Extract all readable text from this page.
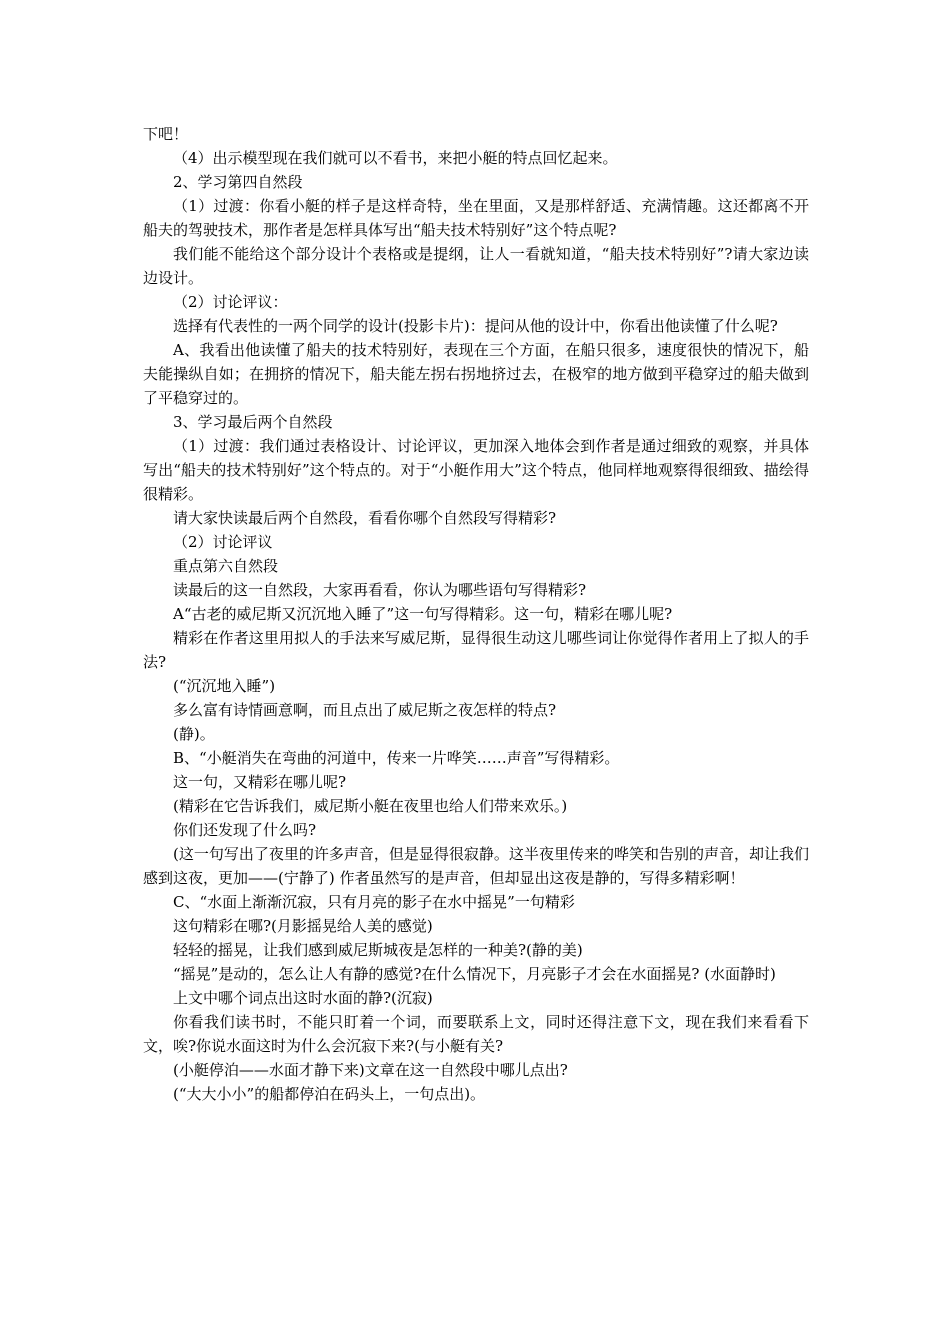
下吧！

（4）出示模型现在我们就可以不看书，来把小艇的特点回忆起来。

2、学习第四自然段

（1）过渡：你看小艇的样子是这样奇特，坐在里面，又是那样舒适、充满情趣。这还都离不开船夫的驾驶技术，那作者是怎样具体写出“船夫技术特别好”这个特点呢?

我们能不能给这个部分设计个表格或是提纲，让人一看就知道，“船夫技术特别好”?请大家边读边设计。

（2）讨论评议：

选择有代表性的一两个同学的设计(投影卡片)：提问从他的设计中，你看出他读懂了什么呢?

A、我看出他读懂了船夫的技术特别好，表现在三个方面，在船只很多，速度很快的情况下，船夫能操纵自如；在拥挤的情况下，船夫能左拐右拐地挤过去，在极窄的地方做到平稳穿过的船夫做到了平稳穿过的。

3、学习最后两个自然段

（1）过渡：我们通过表格设计、讨论评议，更加深入地体会到作者是通过细致的观察，并具体写出“船夫的技术特别好”这个特点的。对于“小艇作用大”这个特点，他同样地观察得很细致、描绘得很精彩。

请大家快读最后两个自然段，看看你哪个自然段写得精彩?

（2）讨论评议

重点第六自然段

读最后的这一自然段，大家再看看，你认为哪些语句写得精彩?

A“古老的威尼斯又沉沉地入睡了”这一句写得精彩。这一句，精彩在哪儿呢?

精彩在作者这里用拟人的手法来写威尼斯，显得很生动这儿哪些词让你觉得作者用上了拟人的手法?

(“沉沉地入睡”)

多么富有诗情画意啊，而且点出了威尼斯之夜怎样的特点?

(静)。

B、“小艇消失在弯曲的河道中，传来一片哗笑……声音”写得精彩。

这一句，又精彩在哪儿呢?

(精彩在它告诉我们，威尼斯小艇在夜里也给人们带来欢乐。)

你们还发现了什么吗?

(这一句写出了夜里的许多声音，但是显得很寂静。这半夜里传来的哗笑和告别的声音，却让我们感到这夜，更加——(宁静了) 作者虽然写的是声音，但却显出这夜是静的，写得多精彩啊！

C、“水面上渐渐沉寂，只有月亮的影子在水中摇晃”一句精彩

这句精彩在哪?(月影摇晃给人美的感觉)

轻轻的摇晃，让我们感到威尼斯城夜是怎样的一种美?(静的美)

“摇晃”是动的，怎么让人有静的感觉?在什么情况下，月亮影子才会在水面摇晃? (水面静时)

上文中哪个词点出这时水面的静?(沉寂)

你看我们读书时，不能只盯着一个词，而要联系上文，同时还得注意下文，现在我们来看看下文，唉?你说水面这时为什么会沉寂下来?(与小艇有关?

(小艇停泊——水面才静下来)文章在这一自然段中哪儿点出?

(“大大小小”的船都停泊在码头上，一句点出)。
